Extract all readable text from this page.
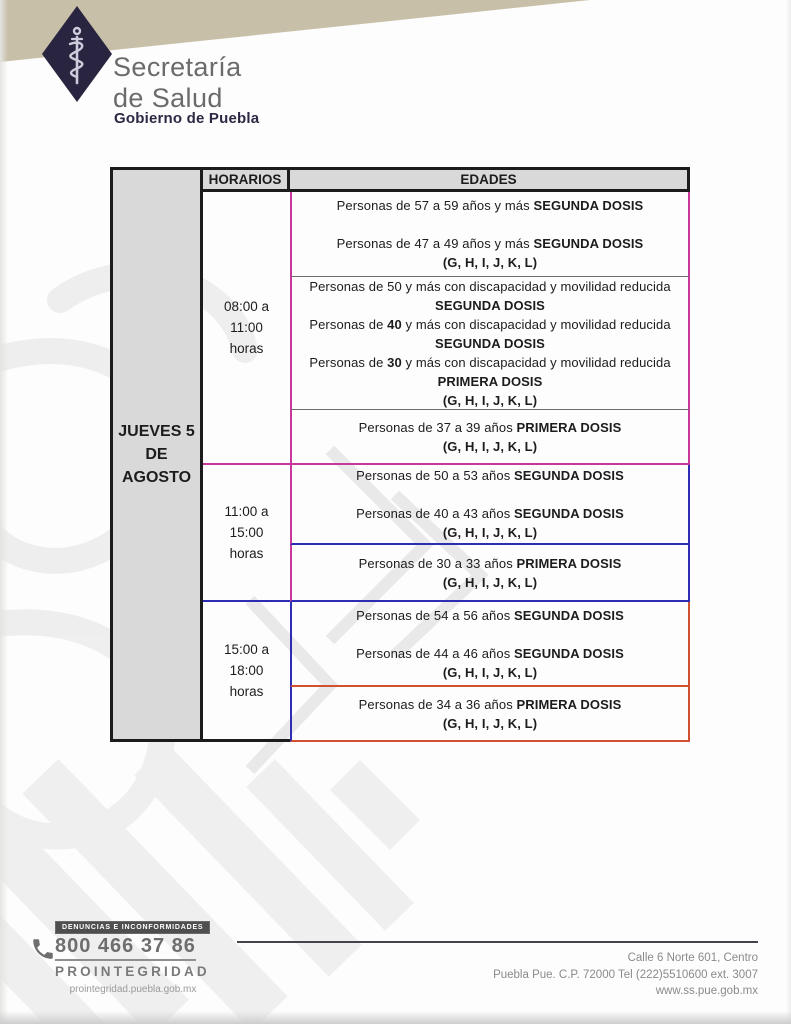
Secretaría
de Salud
Gobierno de Puebla
JUEVES 5
DE AGOSTO
HORARIOS
08:00 a
11:00
horas
11:00 a
15:00
horas
15:00 a
18:00
horas
EDADES
Personas de 57 a 59 años y más SEGUNDA DOSIS
Personas de 47 a 49 años y más SEGUNDA DOSIS
(G, H, I, J, K, L)
Personas de 50 y más con discapacidad y movilidad reducida
SEGUNDA DOSIS
Personas de 40 y más con discapacidad y movilidad reducida
SEGUNDA DOSIS
Personas de 30 y más con discapacidad y movilidad reducida
PRIMERA DOSIS
(G, H, I, J, K, L)
Personas de 37 a 39 años PRIMERA DOSIS
(G, H, I, J, K, L)
Personas de 50 a 53 años SEGUNDA DOSIS
Personas de 40 a 43 años SEGUNDA DOSIS
(G, H, I, J, K, L)
Personas de 30 a 33 años PRIMERA DOSIS
(G, H, I, J, K, L)
Personas de 54 a 56 años SEGUNDA DOSIS
Personas de 44 a 46 años SEGUNDA DOSIS
(G, H, I, J, K, L)
Personas de 34 a 36 años PRIMERA DOSIS
(G, H, I, J, K, L)
DENUNCIAS E INCONFORMIDADES
800 466 37 86
PROINTEGRIDAD
prointegridad.puebla.gob.mx
Calle 6 Norte 601, Centro
Puebla Pue. C.P. 72000 Tel (222)5510600 ext. 3007
www.ss.pue.gob.mx
